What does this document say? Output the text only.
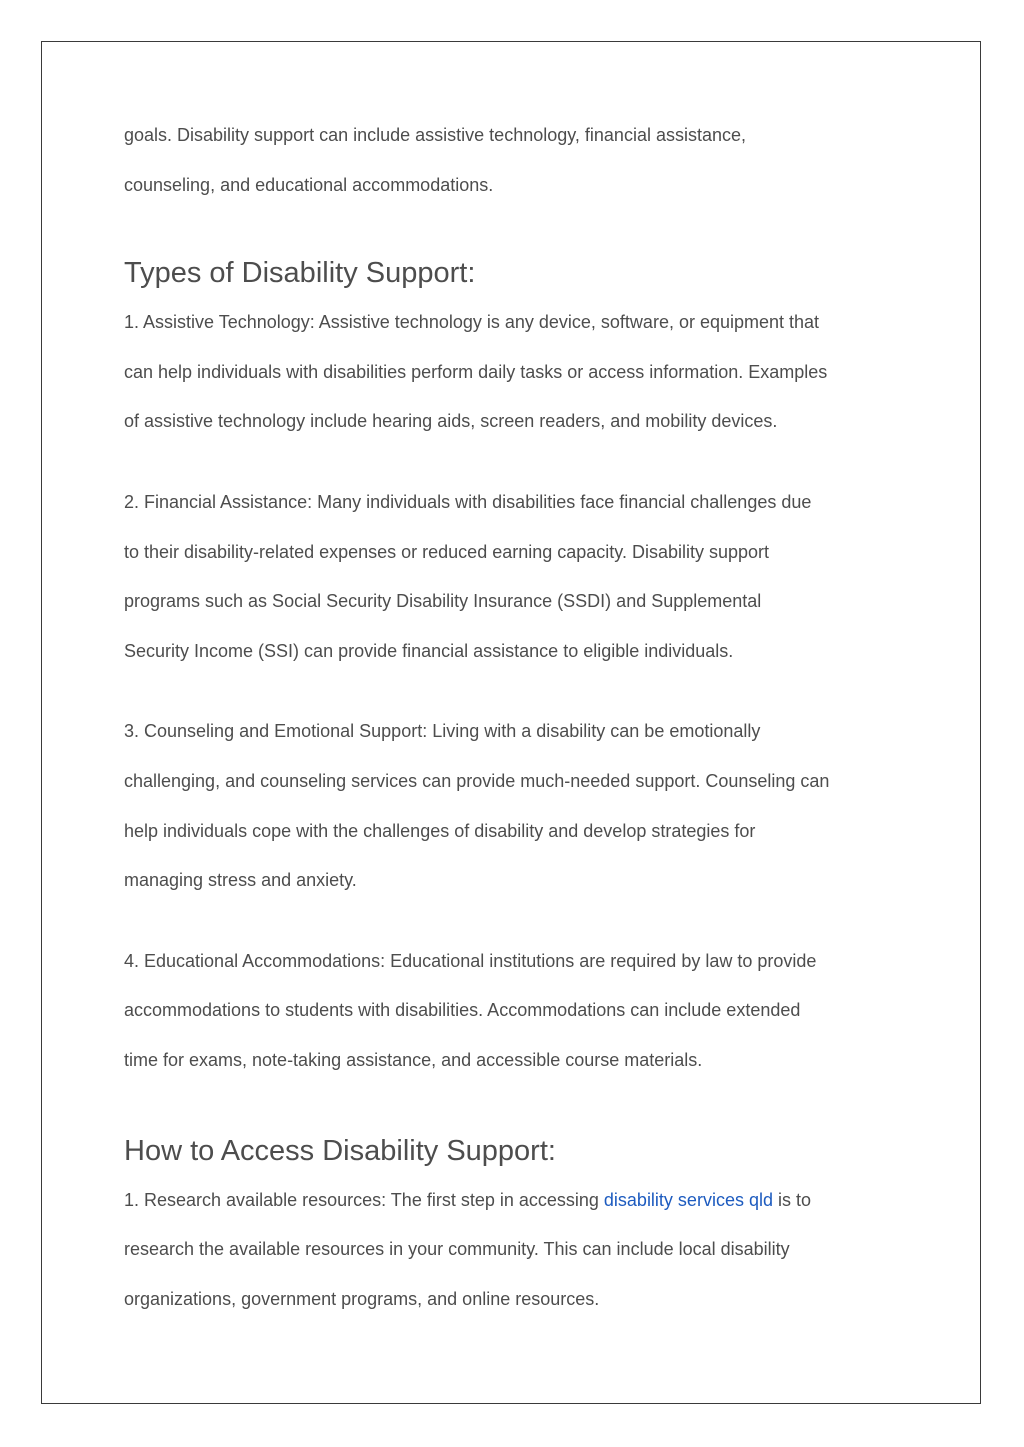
goals. Disability support can include assistive technology, financial assistance,

counseling, and educational accommodations.

Types of Disability Support:

1. Assistive Technology: Assistive technology is any device, software, or equipment that

can help individuals with disabilities perform daily tasks or access information. Examples

of assistive technology include hearing aids, screen readers, and mobility devices.

2. Financial Assistance: Many individuals with disabilities face financial challenges due

to their disability-related expenses or reduced earning capacity. Disability support

programs such as Social Security Disability Insurance (SSDI) and Supplemental

Security Income (SSI) can provide financial assistance to eligible individuals.

3. Counseling and Emotional Support: Living with a disability can be emotionally

challenging, and counseling services can provide much-needed support. Counseling can

help individuals cope with the challenges of disability and develop strategies for

managing stress and anxiety.

4. Educational Accommodations: Educational institutions are required by law to provide

accommodations to students with disabilities. Accommodations can include extended

time for exams, note-taking assistance, and accessible course materials.

How to Access Disability Support:

1. Research available resources: The first step in accessing disability services qld is to

research the available resources in your community. This can include local disability

organizations, government programs, and online resources.
